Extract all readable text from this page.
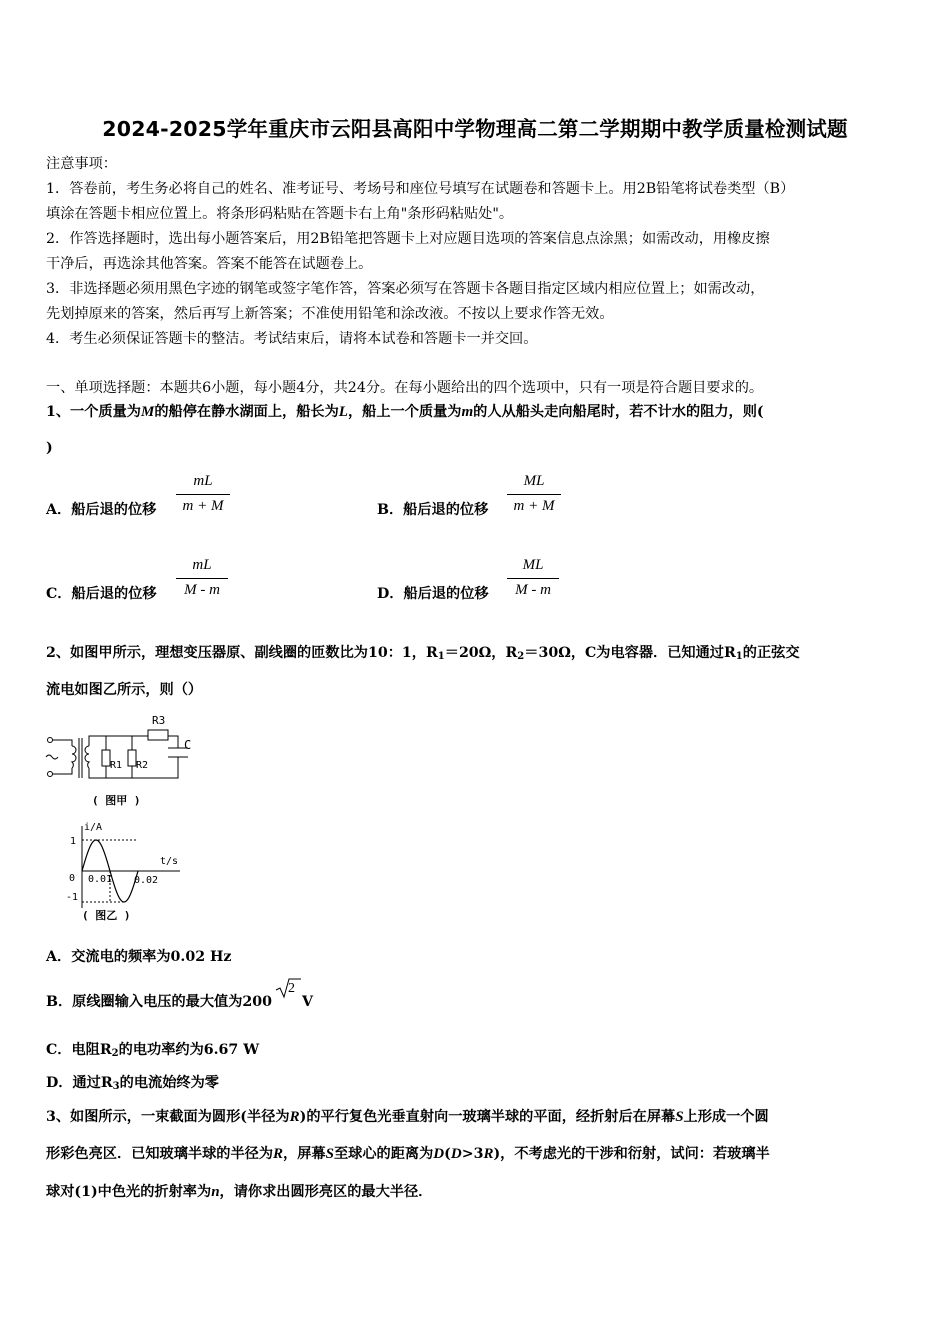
2024-2025学年重庆市云阳县高阳中学物理高二第二学期期中教学质量检测试题
注意事项：
1．答卷前，考生务必将自己的姓名、准考证号、考场号和座位号填写在试题卷和答题卡上。用2B铅笔将试卷类型（B）
填涂在答题卡相应位置上。将条形码粘贴在答题卡右上角"条形码粘贴处"。
2．作答选择题时，选出每小题答案后，用2B铅笔把答题卡上对应题目选项的答案信息点涂黑；如需改动，用橡皮擦
干净后，再选涂其他答案。答案不能答在试题卷上。
3．非选择题必须用黑色字迹的钢笔或签字笔作答，答案必须写在答题卡各题目指定区域内相应位置上；如需改动，
先划掉原来的答案，然后再写上新答案；不准使用铅笔和涂改液。不按以上要求作答无效。
4．考生必须保证答题卡的整洁。考试结束后，请将本试卷和答题卡一并交回。
一、单项选择题：本题共6小题，每小题4分，共24分。在每小题给出的四个选项中，只有一项是符合题目要求的。
1、一个质量为M的船停在静水湖面上，船长为L，船上一个质量为m的人从船头走向船尾时，若不计水的阻力，则(
)
A．船后退的位移 $\frac{mL}{m + M}$	B．船后退的位移 $\frac{ML}{m + M}$
C．船后退的位移 $\frac{mL}{M - m}$	D．船后退的位移 $\frac{ML}{M - m}$
2、如图甲所示，理想变压器原、副线圈的匝数比为10：1，$R_1=20\Omega$，$R_2=30\Omega$，C为电容器．已知通过$R_1$的正弦交
流电如图乙所示，则（）
R3
C
R1 R2
( 图甲 )
i/A
t/s
1
0
-1
0.01 0.02
( 图乙 )
A．交流电的频率为0.02 Hz
B．原线圈输入电压的最大值为200
2
V
C．电阻$R_2$的电功率约为6.67 W
D．通过$R_3$的电流始终为零
3、如图所示，一束截面为圆形(半径为R)的平行复色光垂直射向一玻璃半球的平面，经折射后在屏幕S上形成一个圆
形彩色亮区．已知玻璃半球的半径为R，屏幕S至球心的距离为D(D>3R)，不考虑光的干涉和衍射，试问：若玻璃半
球对(1)中色光的折射率为n，请你求出圆形亮区的最大半径．
